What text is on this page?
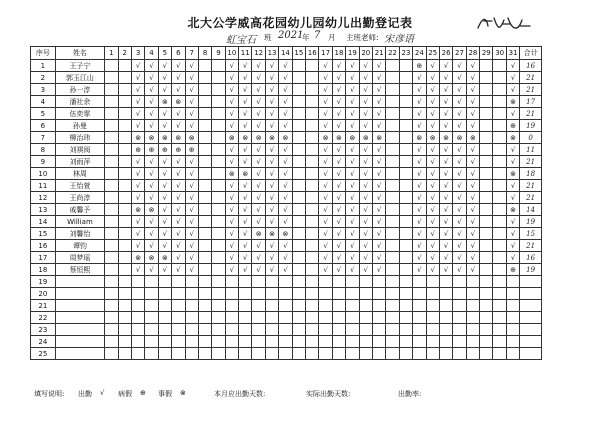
北大公学威高花园幼儿园幼儿出勤登记表
虹宝石 班 2021
年 7 月 主班老师: 宋彦语
序号	姓名	1	2	3	4	5	6	7	8	9	10	11	12	13	14	15	16	17	18	19	20	21	22	23	24	25	26	27	28	29	30	31	合计
1	王子宁			√	√	√	√	√			√	√	√	√	√			√	√	√	√	√			⊕	√	√	√	√			√	16
2	郭玉江山			√	√	√	√	√			√	√	√	√	√			√	√	√	√	√			√	√	√	√	√			√	21
3	孙一淳			√	√	√	√	√			√	√	√	√	√			√	√	√	√	√			√	√	√	√	√			√	21
4	潘社余			√	√	⊗	⊗	√			√	√	√	√	√			√	√	√	√	√			√	√	√	√	√			⊗	17
5	伍奕霏			√	√	√	√	√			√	√	√	√	√			√	√	√	√	√			√	√	√	√	√			√	21
6	孙曼			√	√	√	√	√			√	√	√	√	√			√	√	√	√	√			√	√	√	√	√			⊕	19
7	柳治玮			⊗	⊗	⊗	⊗	⊗			⊗	⊗	⊗	⊗	⊗			⊗	⊗	⊗	⊗	⊗			⊗	⊗	⊗	⊗	⊗			⊗	0
8	刘祺阅			⊕	⊕	⊕	⊕	⊕			√	√	√	√	√			√	√	√	√	√			√	√	√	√	√			√	11
9	刘雨萍			√	√	√	√	√			√	√	√	√	√			√	√	√	√	√			√	√	√	√	√			√	21
10	林周			√	√	√	√	√			⊗	⊗	√	√	√			√	√	√	√	√			√	√	√	√	√			⊗	18
11	王怡萱			√	√	√	√	√			√	√	√	√	√			√	√	√	√	√			√	√	√	√	√			√	21
12	王尚淳			√	√	√	√	√			√	√	√	√	√			√	√	√	√	√			√	√	√	√	√			√	21
13	戚馨予			⊗	⊗	√	√	√			√	√	√	√	√			√	√	√	√	√			√	√	√	√	√			⊗	14
14	William			√	√	√	√	√			√	√	√	√	√			√	√	√	√	√			√	√	√	√	√			√	19
15	刘馨怡			√	√	√	√	√			√	√	⊗	⊗	⊗			√	√	√	√	√			√	√	√	√	√			√	15
16	谭钧			√	√	√	√	√			√	√	√	√	√			√	√	√	√	√			√	√	√	√	√			√	21
17	周梦瑶			⊗	⊗	⊗	√	√			√	√	√	√	√			√	√	√	√	√			√	√	√	√	√			√	16
18	蔡恒熙			√	√	√	√	√			√	√	√	√	√			√	√	√	√	√			√	√	√	√	√			⊕	19
19																																	
20																																	
21																																	
22																																	
23																																	
24																																	
25																																	
填写说明: 出勤 √ 病假 ⊕ 事假 ⊗	本月应出勤天数:	实际出勤天数:	出勤率:
